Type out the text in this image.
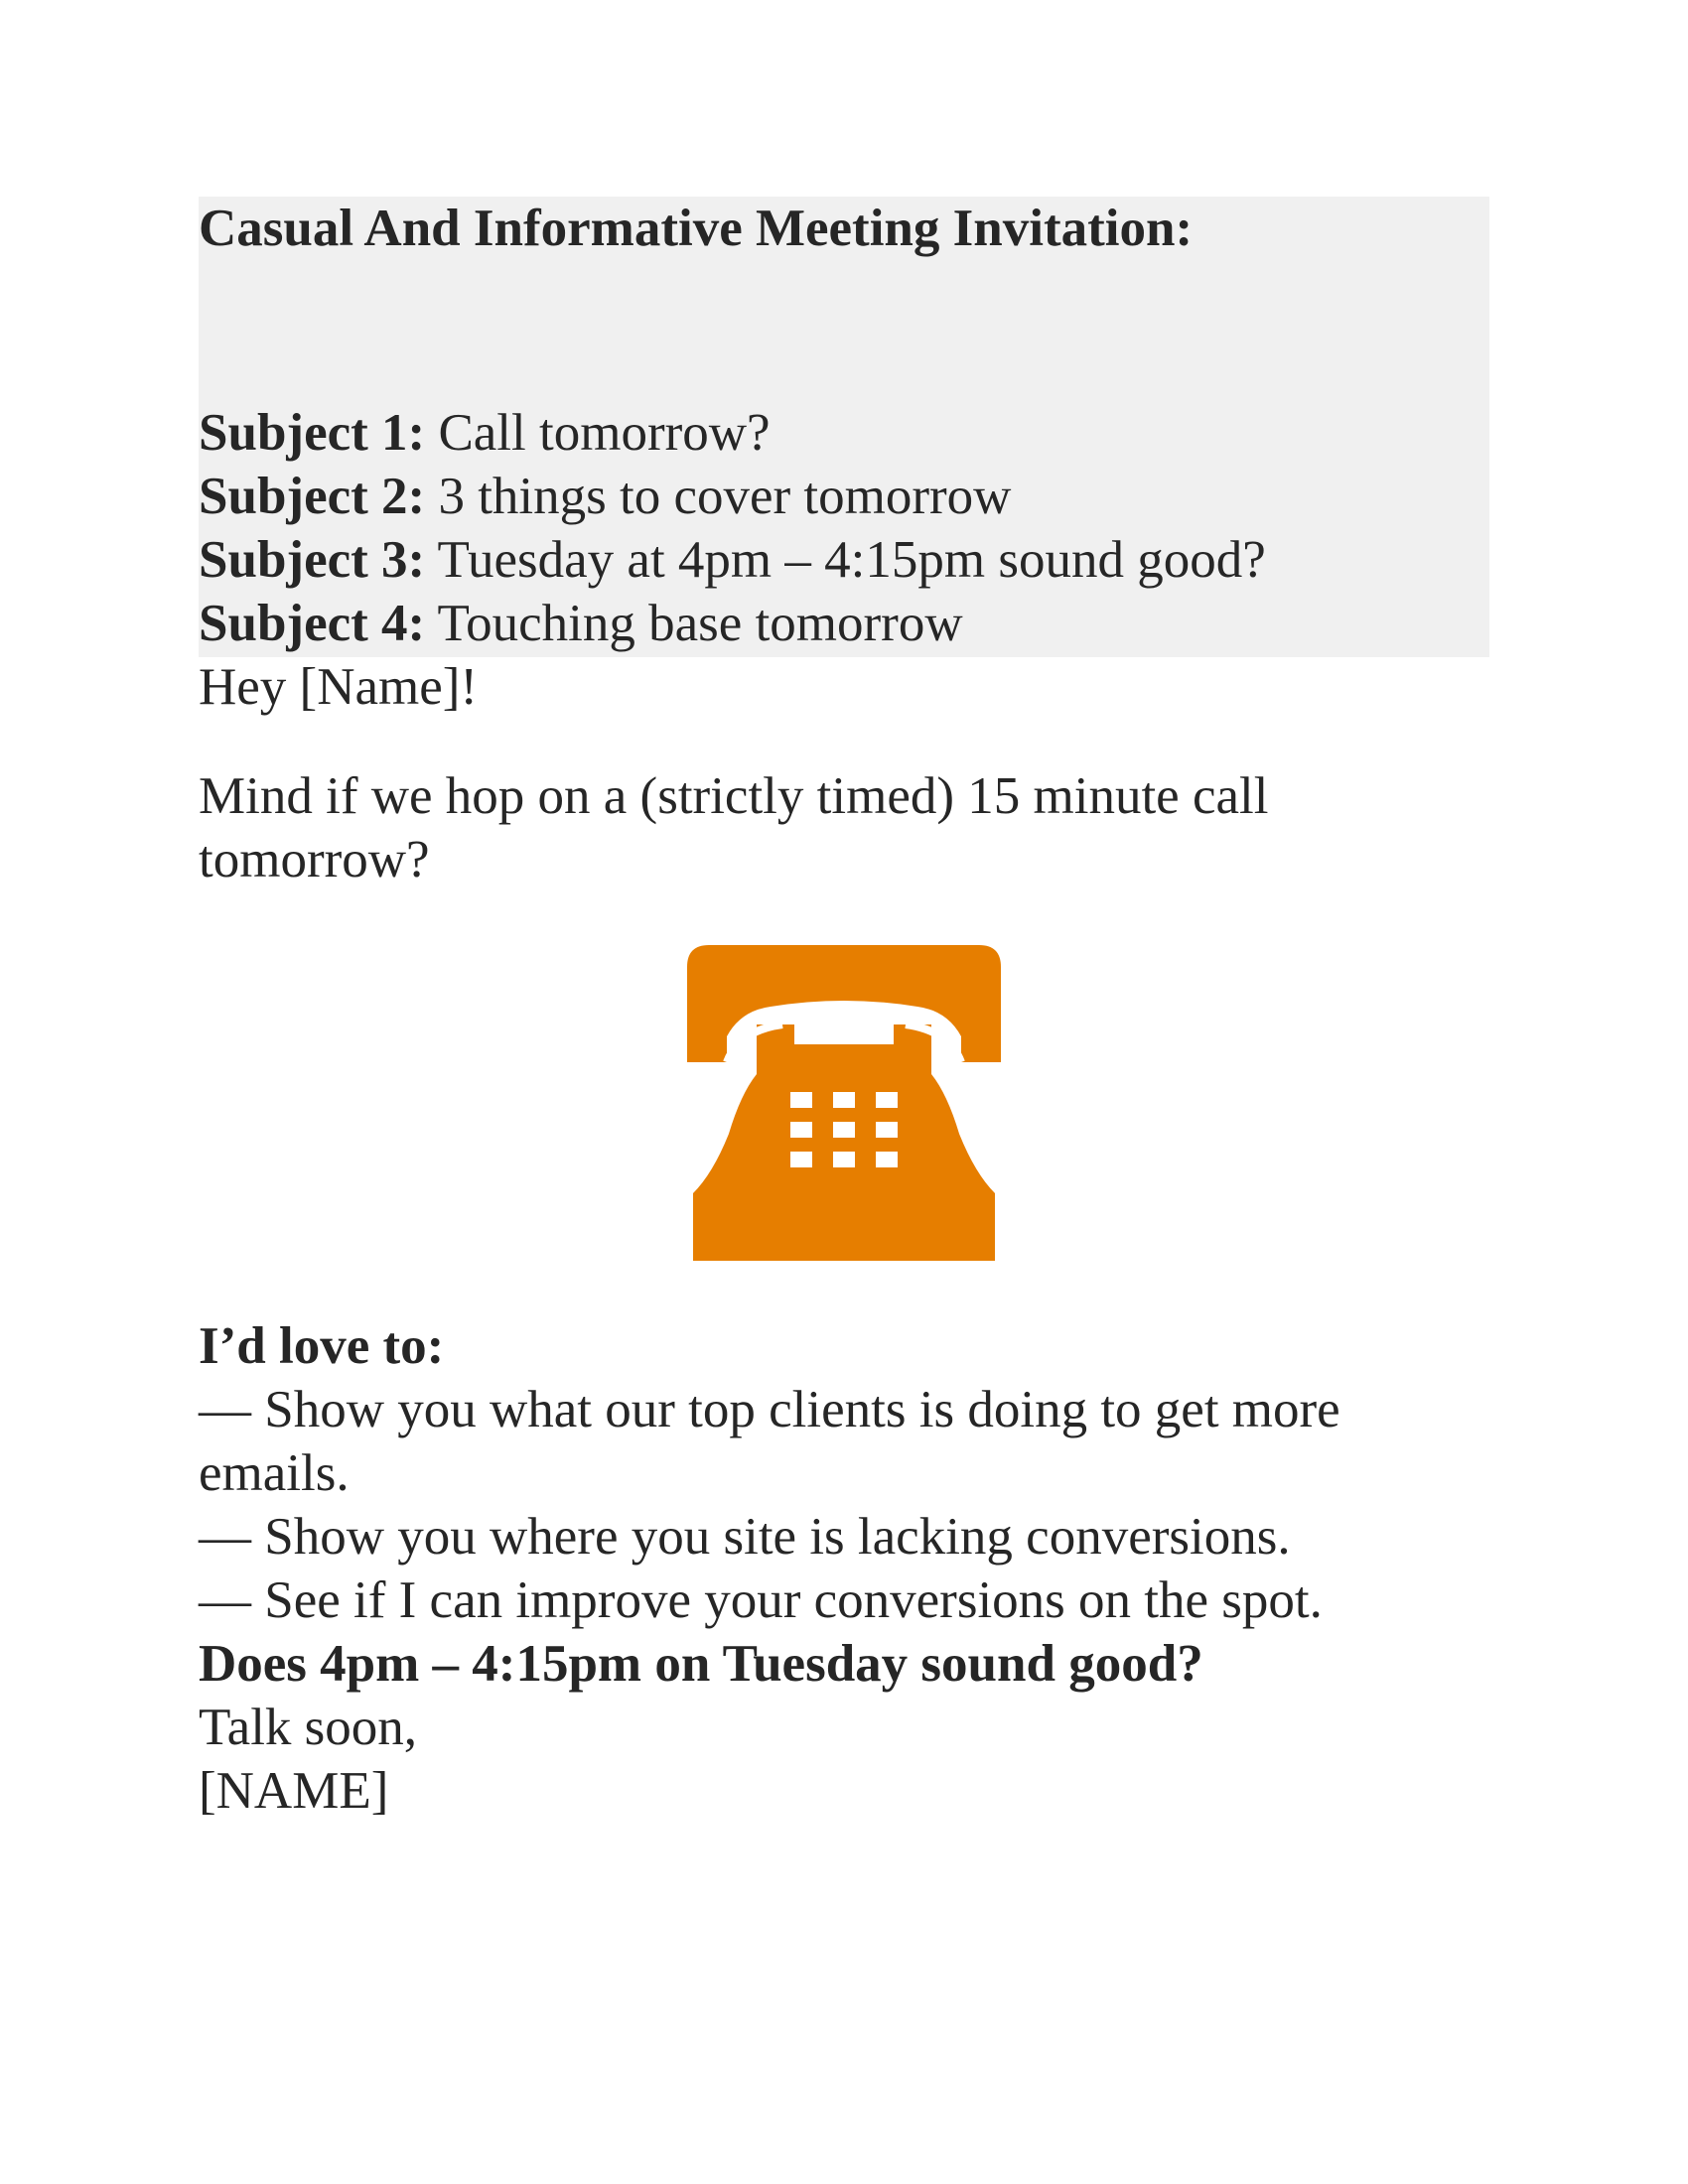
Casual And Informative Meeting Invitation:

Subject 1: Call tomorrow?

Subject 2: 3 things to cover tomorrow

Subject 3: Tuesday at 4pm – 4:15pm sound good?

Subject 4: Touching base tomorrow

Hey [Name]!

Mind if we hop on a (strictly timed) 15 minute call tomorrow?

I’d love to:

— Show you what our top clients is doing to get more emails.

— Show you where you site is lacking conversions.

— See if I can improve your conversions on the spot.

Does 4pm – 4:15pm on Tuesday sound good?

Talk soon,

[NAME]
